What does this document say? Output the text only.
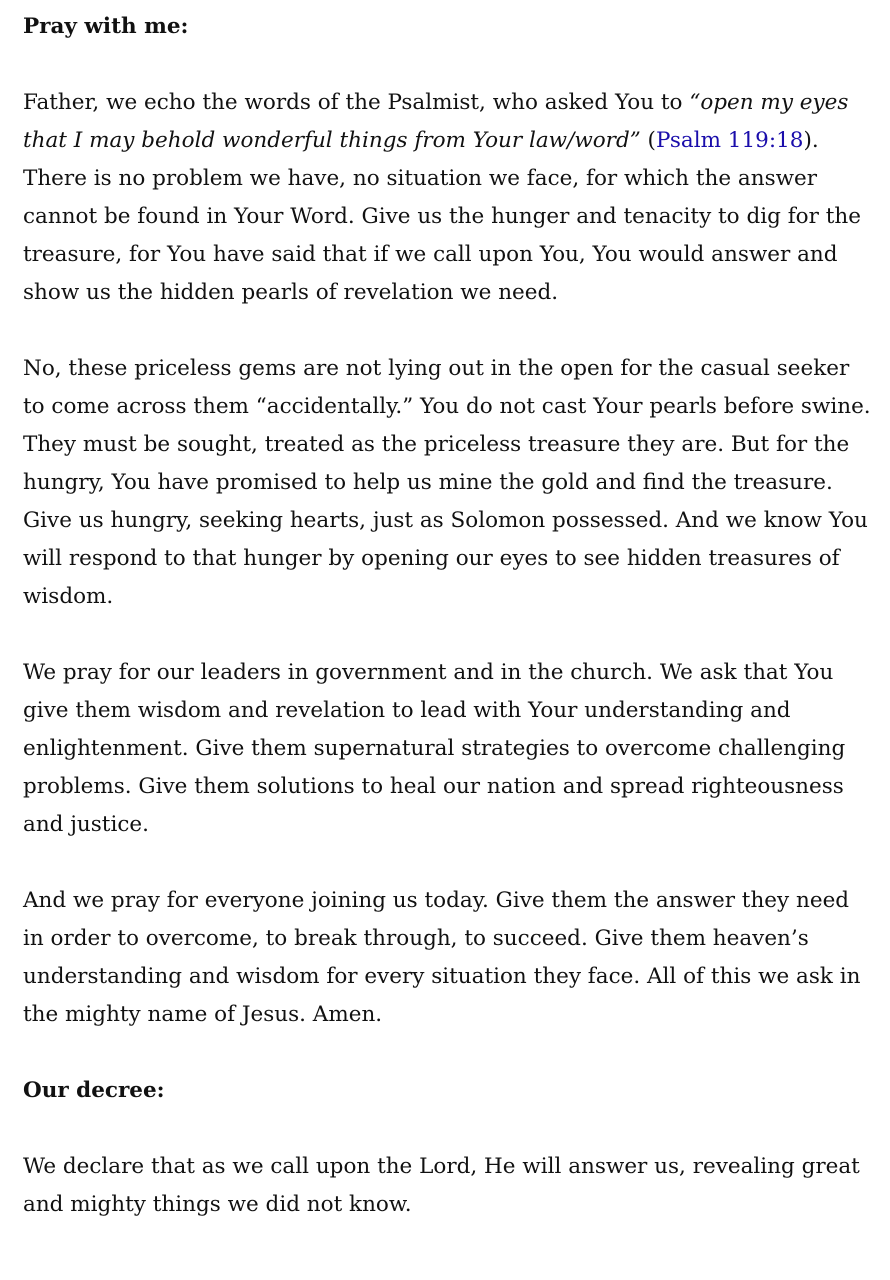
Pray with me:

Father, we echo the words of the Psalmist, who asked You to “open my eyes that I may behold wonderful things from Your law/word” (Psalm 119:18). There is no problem we have, no situation we face, for which the answer cannot be found in Your Word. Give us the hunger and tenacity to dig for the treasure, for You have said that if we call upon You, You would answer and show us the hidden pearls of revelation we need.

No, these priceless gems are not lying out in the open for the casual seeker to come across them “accidentally.” You do not cast Your pearls before swine. They must be sought, treated as the priceless treasure they are. But for the hungry, You have promised to help us mine the gold and find the treasure. Give us hungry, seeking hearts, just as Solomon possessed. And we know You will respond to that hunger by opening our eyes to see hidden treasures of wisdom.

We pray for our leaders in government and in the church. We ask that You give them wisdom and revelation to lead with Your understanding and enlightenment. Give them supernatural strategies to overcome challenging problems. Give them solutions to heal our nation and spread righteousness and justice.

And we pray for everyone joining us today. Give them the answer they need in order to overcome, to break through, to succeed. Give them heaven’s understanding and wisdom for every situation they face. All of this we ask in the mighty name of Jesus. Amen.

Our decree:

We declare that as we call upon the Lord, He will answer us, revealing great and mighty things we did not know.
